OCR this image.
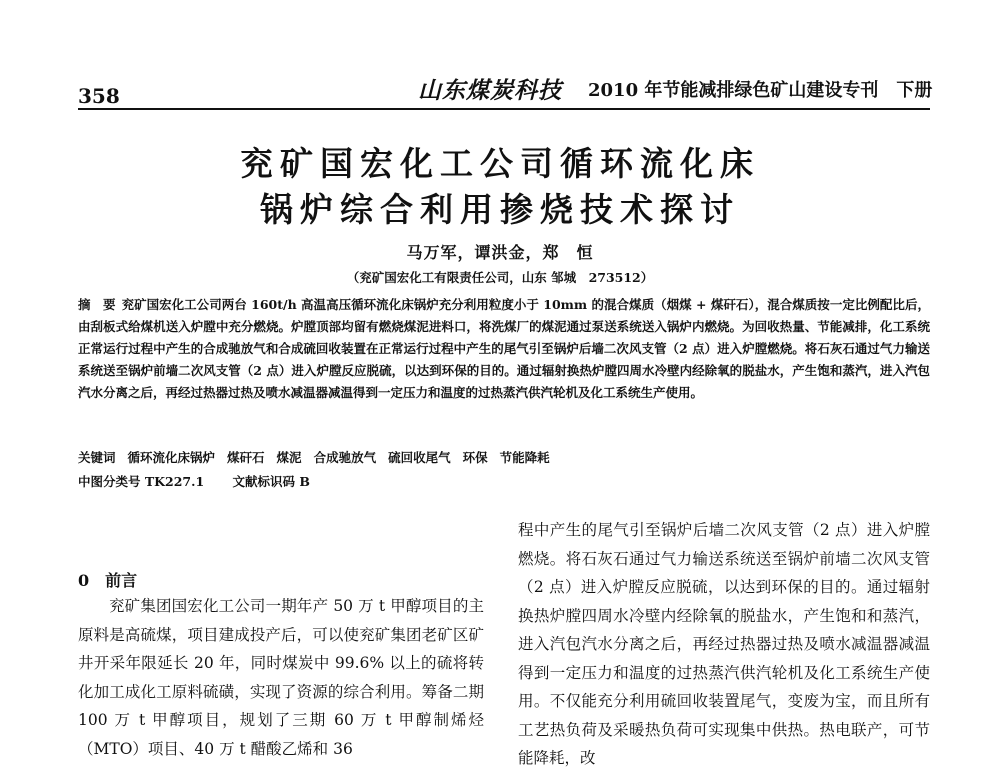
358	山东煤炭科技 2010 年节能减排绿色矿山建设专刊　下册
兖矿国宏化工公司循环流化床
锅炉综合利用掺烧技术探讨
马万军，谭洪金，郑　恒
（兖矿国宏化工有限责任公司，山东 邹城　273512）

摘　要 兖矿国宏化工公司两台 160t/h 高温高压循环流化床锅炉充分利用粒度小于 10mm 的混合煤质（烟煤 + 煤矸石），混合煤质按一定比例配比后，由刮板式给煤机送入炉膛中充分燃烧。炉膛顶部均留有燃烧煤泥进料口，将洗煤厂的煤泥通过泵送系统送入锅炉内燃烧。为回收热量、节能减排，化工系统正常运行过程中产生的合成驰放气和合成硫回收装置在正常运行过程中产生的尾气引至锅炉后墙二次风支管（2 点）进入炉膛燃烧。将石灰石通过气力输送系统送至锅炉前墙二次风支管（2 点）进入炉膛反应脱硫，以达到环保的目的。通过辐射换热炉膛四周水冷壁内经除氧的脱盐水，产生饱和蒸汽，进入汽包汽水分离之后，再经过热器过热及喷水减温器减温得到一定压力和温度的过热蒸汽供汽轮机及化工系统生产使用。

关键词 循环流化床锅炉 煤矸石 煤泥 合成驰放气 硫回收尾气 环保 节能降耗
中图分类号 TK227.1 文献标识码 B
0　前言

兖矿集团国宏化工公司一期年产 50 万 t 甲醇项目的主原料是高硫煤，项目建成投产后，可以使兖矿集团老矿区矿井开采年限延长 20 年，同时煤炭中 99.6% 以上的硫将转化加工成化工原料硫磺，实现了资源的综合利用。筹备二期 100 万 t 甲醇项目，规划了三期 60 万 t 甲醇制烯烃（MTO）项目、40 万 t 醋酸乙烯和 36

程中产生的尾气引至锅炉后墙二次风支管（2 点）进入炉膛燃烧。将石灰石通过气力输送系统送至锅炉前墙二次风支管（2 点）进入炉膛反应脱硫，以达到环保的目的。通过辐射换热炉膛四周水冷壁内经除氧的脱盐水，产生饱和和蒸汽，进入汽包汽水分离之后，再经过热器过热及喷水减温器减温得到一定压力和温度的过热蒸汽供汽轮机及化工系统生产使用。不仅能充分利用硫回收装置尾气，变废为宝，而且所有工艺热负荷及采暖热负荷可实现集中供热。热电联产，可节能降耗，改
